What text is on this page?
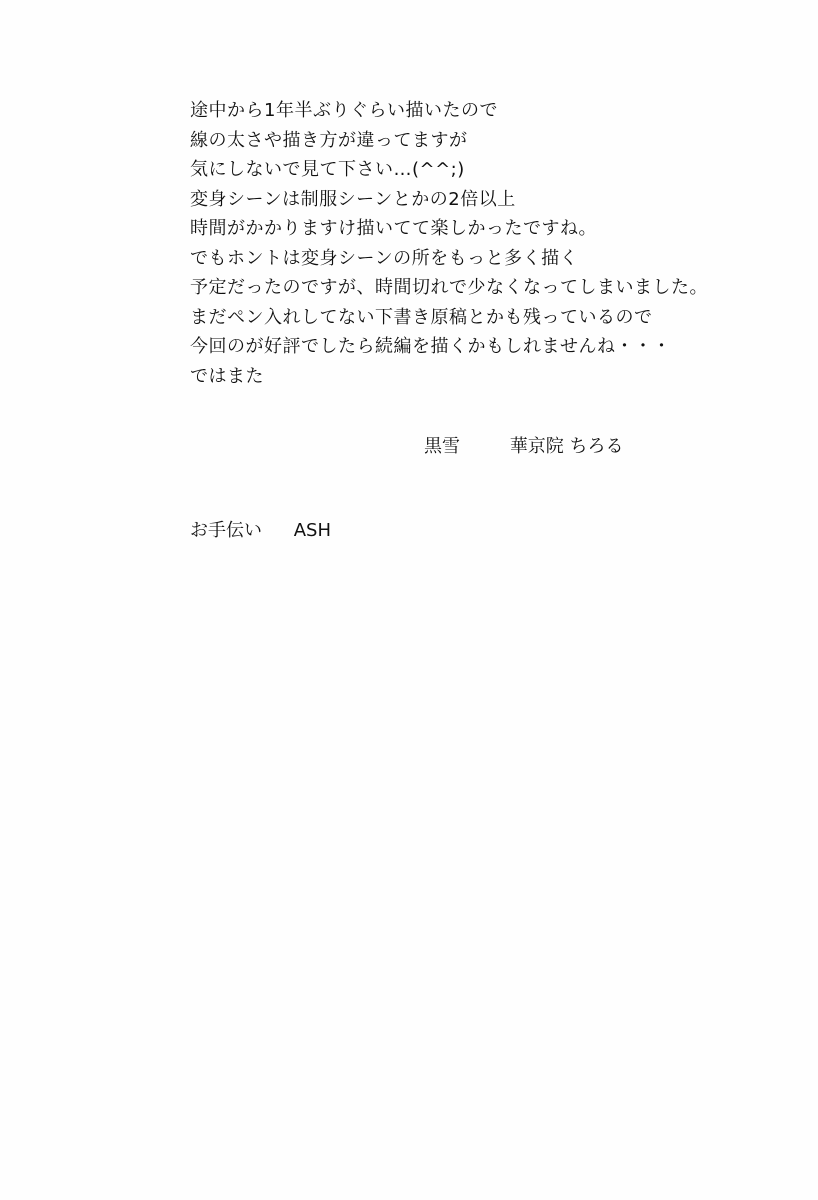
途中から1年半ぶりぐらい描いたので
線の太さや描き方が違ってますが
気にしないで見て下さい…(^^;)
変身シーンは制服シーンとかの2倍以上
時間がかかりますけ描いてて楽しかったですね。
でもホントは変身シーンの所をもっと多く描く
予定だったのですが、時間切れで少なくなってしまいました。
まだペン入れしてない下書き原稿とかも残っているので
今回のが好評でしたら続編を描くかもしれませんね・・・
ではまた
黒雪	華京院 ちろる
お手伝い ASH
